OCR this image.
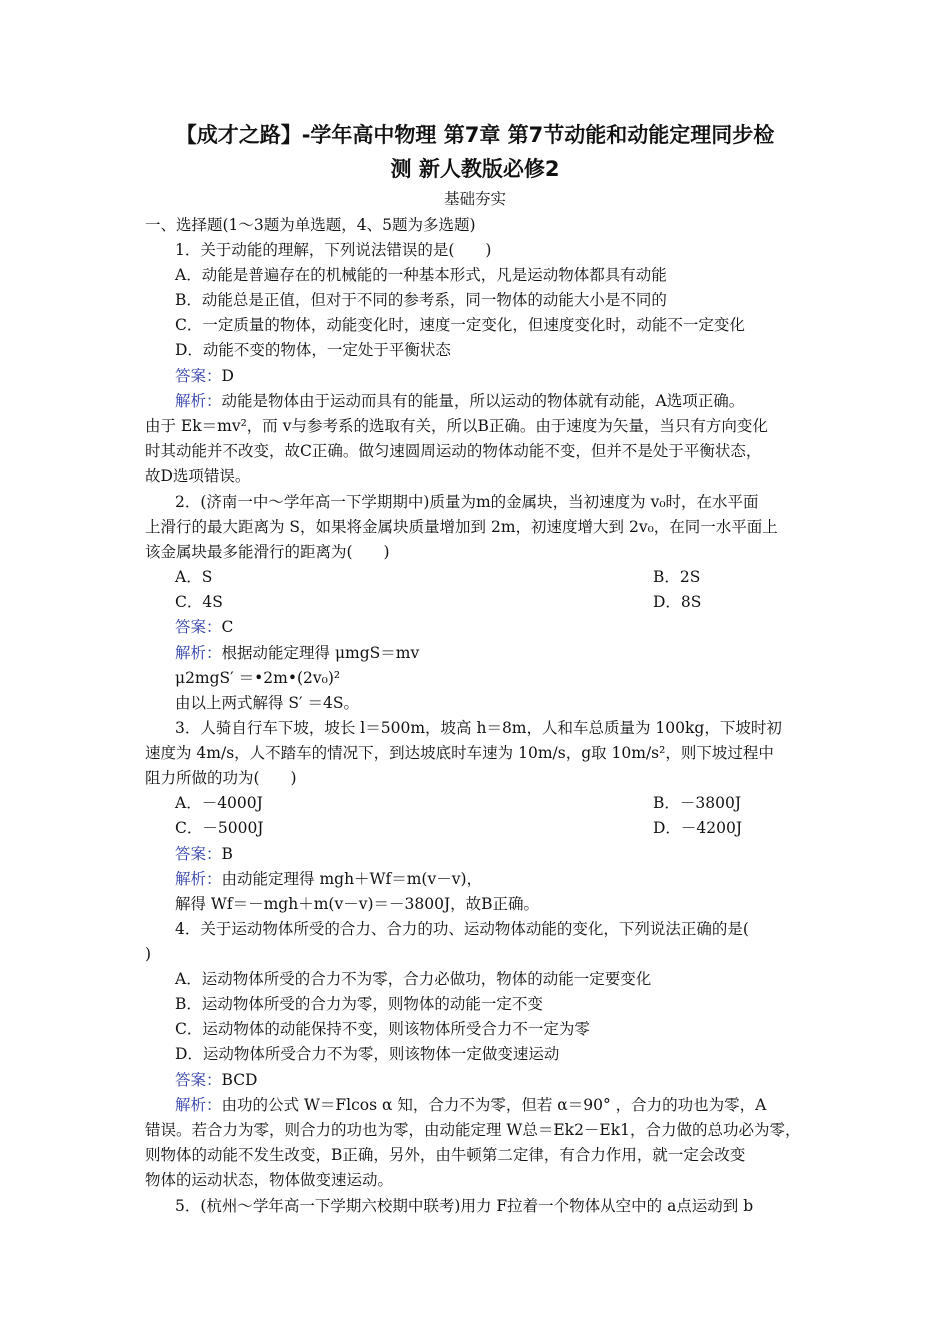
【成才之路】-学年高中物理 第7章 第7节动能和动能定理同步检
测 新人教版必修2
基础夯实
一、选择题(1～3题为单选题，4、5题为多选题)
1．关于动能的理解，下列说法错误的是(　　)
A．动能是普遍存在的机械能的一种基本形式，凡是运动物体都具有动能
B．动能总是正值，但对于不同的参考系，同一物体的动能大小是不同的
C．一定质量的物体，动能变化时，速度一定变化，但速度变化时，动能不一定变化
D．动能不变的物体，一定处于平衡状态
答案：D
解析：动能是物体由于运动而具有的能量，所以运动的物体就有动能，A选项正确。
由于 Ek＝mv²，而 v与参考系的选取有关，所以B正确。由于速度为矢量，当只有方向变化
时其动能并不改变，故C正确。做匀速圆周运动的物体动能不变，但并不是处于平衡状态，
故D选项错误。
2．(济南一中～学年高一下学期期中)质量为m的金属块，当初速度为 v₀时，在水平面
上滑行的最大距离为 S，如果将金属块质量增加到 2m，初速度增大到 2v₀，在同一水平面上
该金属块最多能滑行的距离为(　　)
A．S	B．2S
C．4S	D．8S
答案：C
解析：根据动能定理得 μmgS＝mv
μ2mgS′ ＝•2m•(2v₀)²
由以上两式解得 S′ ＝4S。
3．人骑自行车下坡，坡长 l＝500m，坡高 h＝8m，人和车总质量为 100kg，下坡时初
速度为 4m/s，人不踏车的情况下，到达坡底时车速为 10m/s，g取 10m/s²，则下坡过程中
阻力所做的功为(　　)
A．－4000J	B．－3800J
C．－5000J	D．－4200J
答案：B
解析：由动能定理得 mgh＋Wf＝m(v－v)，
解得 Wf＝－mgh＋m(v－v)＝－3800J，故B正确。
4．关于运动物体所受的合力、合力的功、运动物体动能的变化，下列说法正确的是(
)
A．运动物体所受的合力不为零，合力必做功，物体的动能一定要变化
B．运动物体所受的合力为零，则物体的动能一定不变
C．运动物体的动能保持不变，则该物体所受合力不一定为零
D．运动物体所受合力不为零，则该物体一定做变速运动
答案：BCD
解析：由功的公式 W＝Flcos α 知，合力不为零，但若 α＝90° ，合力的功也为零，A
错误。若合力为零，则合力的功也为零，由动能定理 W总＝Ek2－Ek1，合力做的总功必为零，
则物体的动能不发生改变，B正确，另外，由牛顿第二定律，有合力作用，就一定会改变
物体的运动状态，物体做变速运动。
5．(杭州～学年高一下学期六校期中联考)用力 F拉着一个物体从空中的 a点运动到 b
